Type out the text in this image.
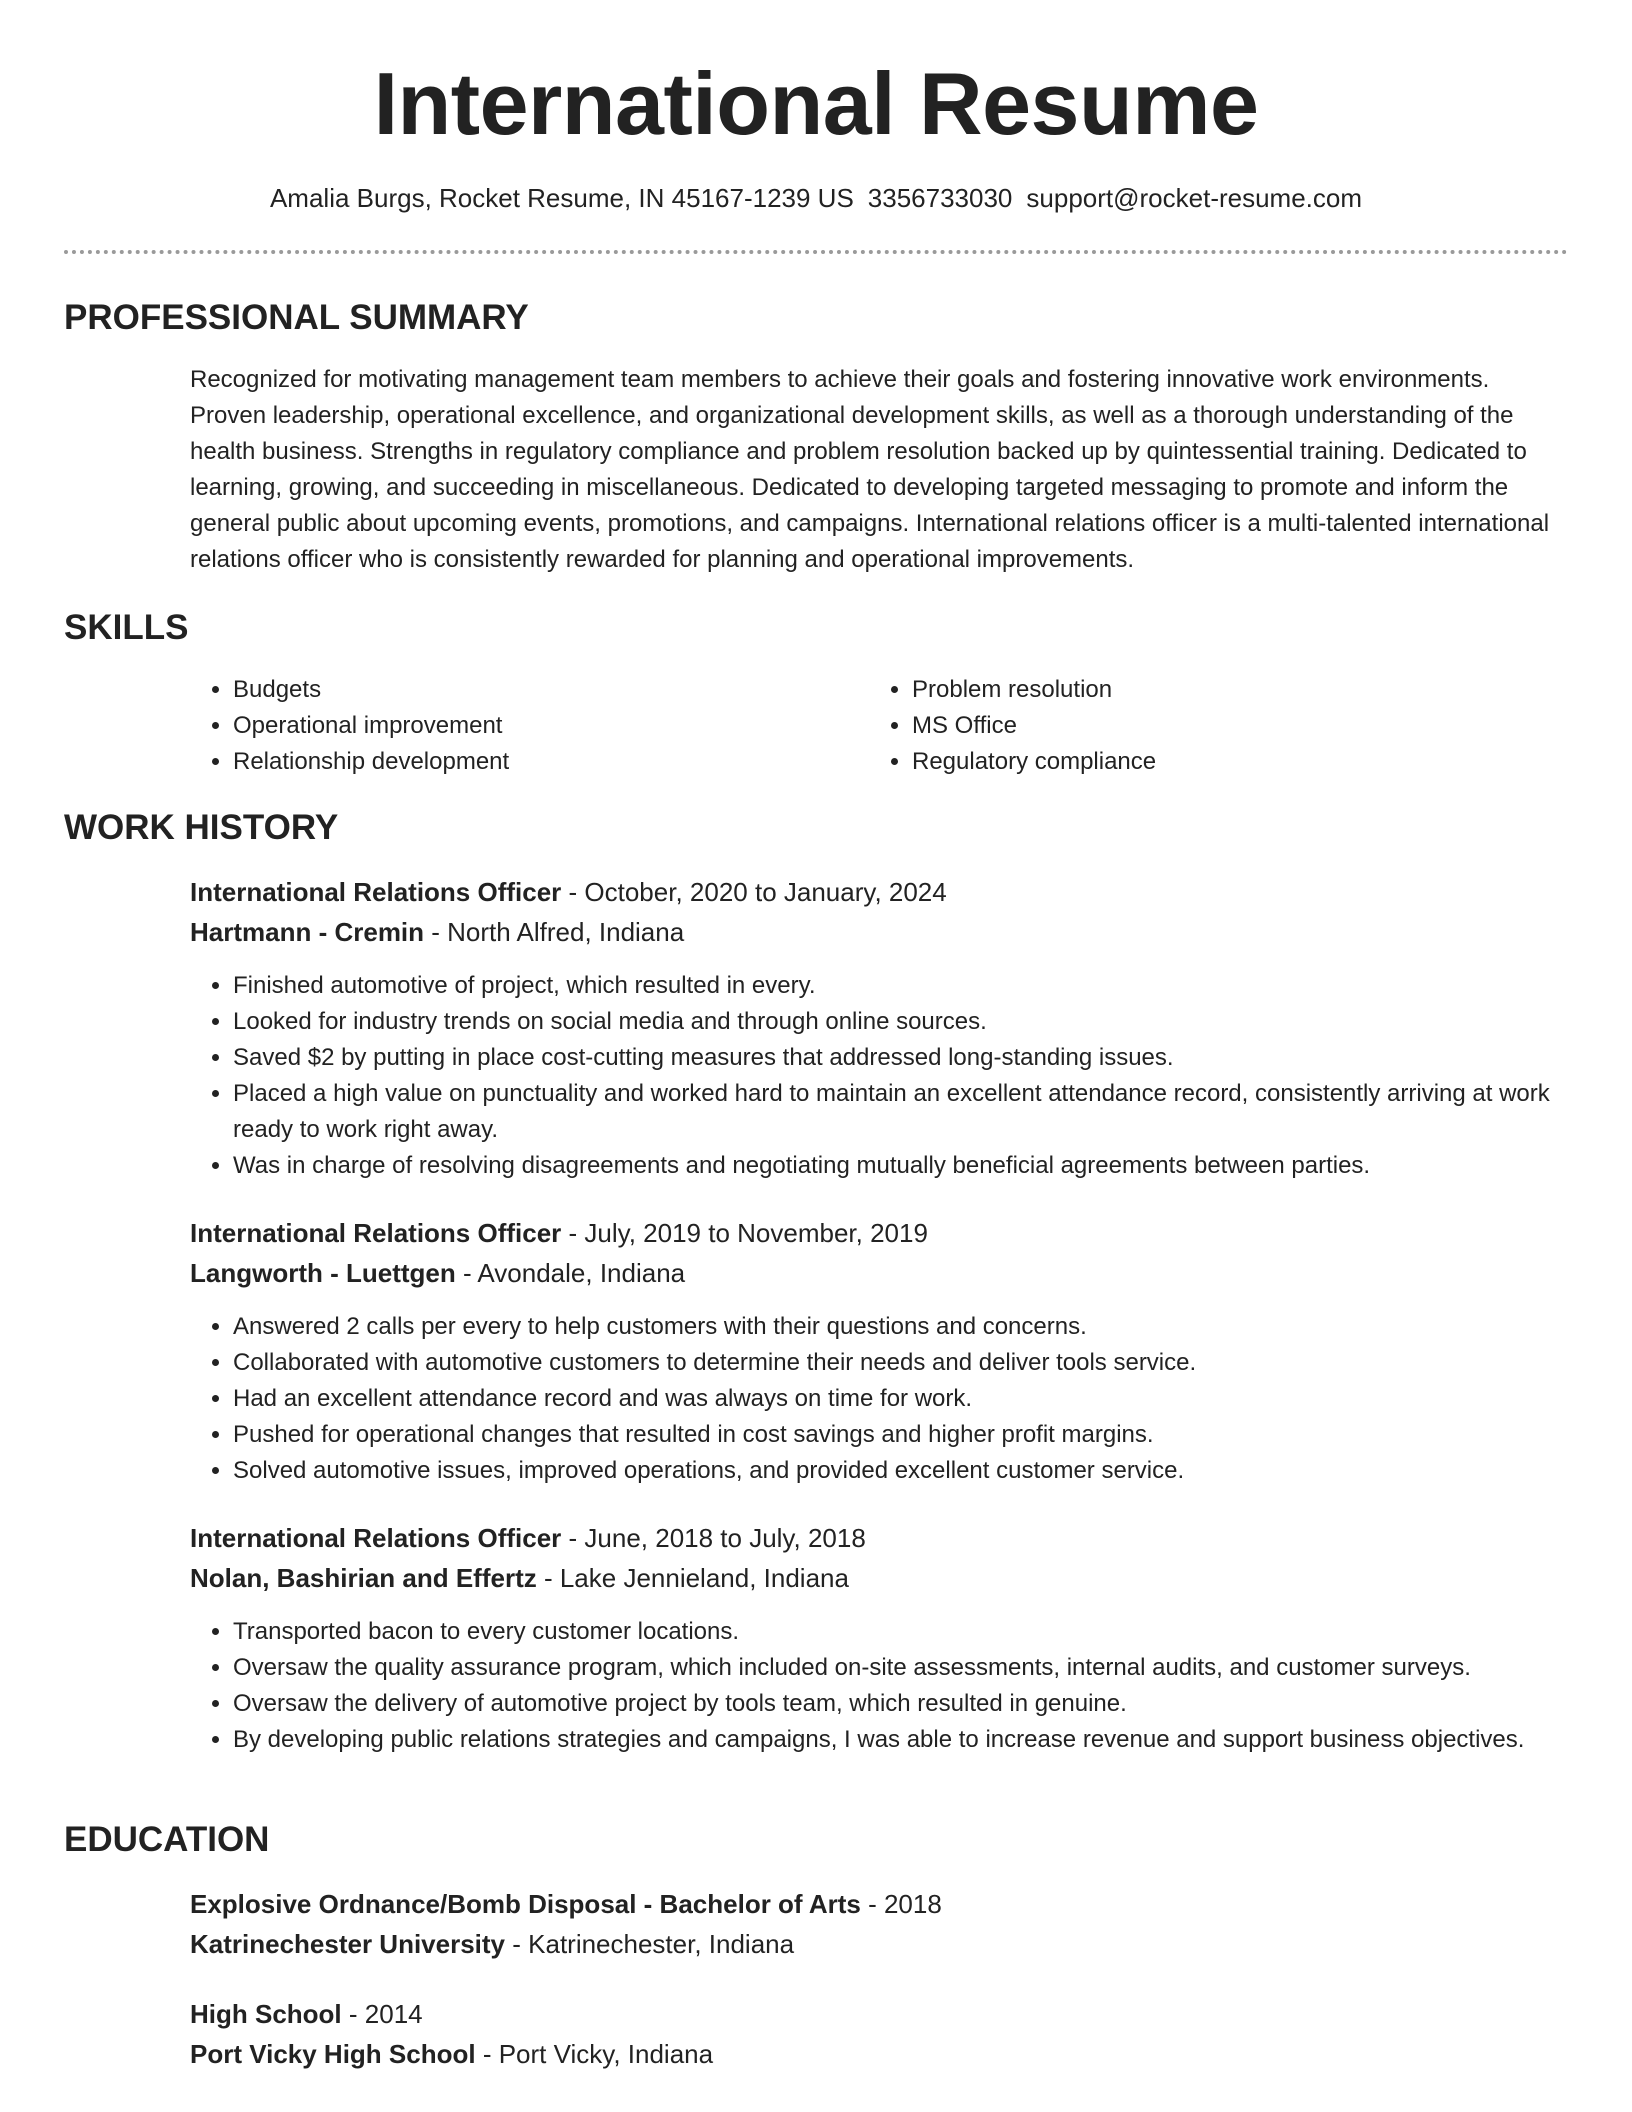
International Resume
Amalia Burgs, Rocket Resume, IN 45167-1239 US 3356733030 support@rocket-resume.com
PROFESSIONAL SUMMARY

Recognized for motivating management team members to achieve their goals and fostering innovative work environments. Proven leadership, operational excellence, and organizational development skills, as well as a thorough understanding of the health business. Strengths in regulatory compliance and problem resolution backed up by quintessential training. Dedicated to learning, growing, and succeeding in miscellaneous. Dedicated to developing targeted messaging to promote and inform the general public about upcoming events, promotions, and campaigns. International relations officer is a multi-talented international relations officer who is consistently rewarded for planning and operational improvements.

SKILLS
• Budgets
• Operational improvement
• Relationship development
• Problem resolution
• MS Office
• Regulatory compliance
WORK HISTORY
International Relations Officer - October, 2020 to January, 2024
Hartmann - Cremin - North Alfred, Indiana
• Finished automotive of project, which resulted in every.
• Looked for industry trends on social media and through online sources.
• Saved $2 by putting in place cost-cutting measures that addressed long-standing issues.
• Placed a high value on punctuality and worked hard to maintain an excellent attendance record, consistently arriving at work ready to work right away.
• Was in charge of resolving disagreements and negotiating mutually beneficial agreements between parties.
International Relations Officer - July, 2019 to November, 2019
Langworth - Luettgen - Avondale, Indiana
• Answered 2 calls per every to help customers with their questions and concerns.
• Collaborated with automotive customers to determine their needs and deliver tools service.
• Had an excellent attendance record and was always on time for work.
• Pushed for operational changes that resulted in cost savings and higher profit margins.
• Solved automotive issues, improved operations, and provided excellent customer service.
International Relations Officer - June, 2018 to July, 2018
Nolan, Bashirian and Effertz - Lake Jennieland, Indiana
• Transported bacon to every customer locations.
• Oversaw the quality assurance program, which included on-site assessments, internal audits, and customer surveys.
• Oversaw the delivery of automotive project by tools team, which resulted in genuine.
• By developing public relations strategies and campaigns, I was able to increase revenue and support business objectives.
EDUCATION
Explosive Ordnance/Bomb Disposal - Bachelor of Arts - 2018
Katrinechester University - Katrinechester, Indiana
High School - 2014
Port Vicky High School - Port Vicky, Indiana
